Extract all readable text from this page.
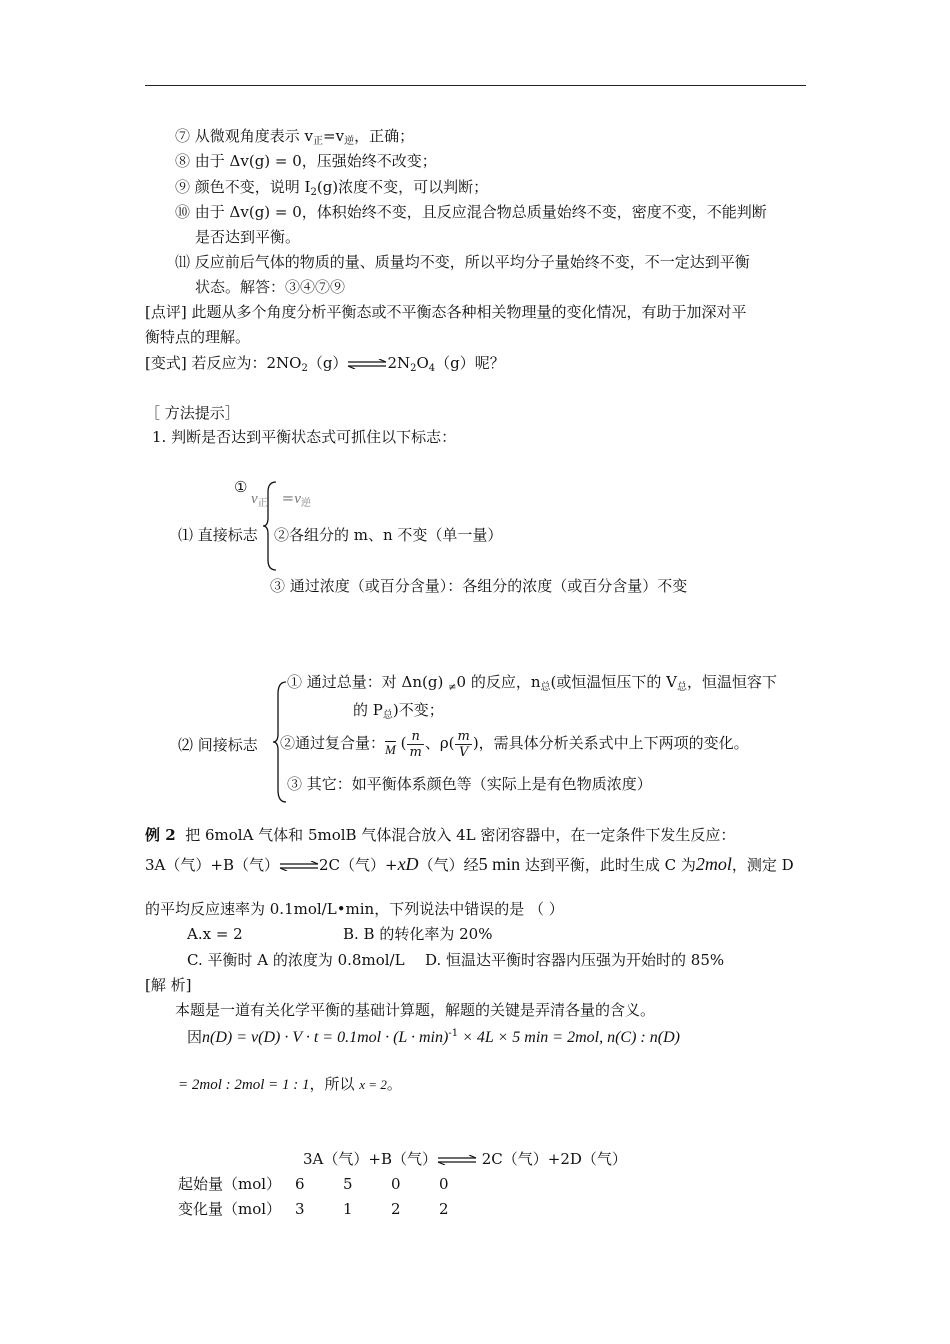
⑦ 从微观角度表示 $v_正=v_逆$，正确；
⑧ 由于 Δv(g) = 0，压强始终不改变；
⑨ 颜色不变，说明 $I_2(g)$浓度不变，可以判断；
⑩ 由于 Δv(g) = 0，体积始终不变，且反应混合物总质量始终不变，密度不变，不能判断
是否达到平衡。
⑾ 反应前后气体的物质的量、质量均不变，所以平均分子量始终不变，不一定达到平衡
状态。解答：③④⑦⑨
[点评] 此题从多个角度分析平衡态或不平衡态各种相关物理量的变化情况，有助于加深对平
衡特点的理解。
[变式] 若反应为：$2NO_2(g)\rightleftharpoons 2N_2O_4(g)$呢？
［ 方法提示］
1. 判断是否达到平衡状态式可抓住以下标志：
①
$v_正 =v_逆$
⑴ 直接标志 ②各组分的 m、n 不变（单一量）
③ 通过浓度（或百分含量）：各组分的浓度（或百分含量）不变
① 通过总量：对 Δn(g) $_\ne$0 的反应，$n_总$(或恒温恒压下的 $V_总$，恒温恒容下
的 $P_总$)不变；
⑵ 间接标志 ②通过复合量：$\overline{M}$ ( $\frac{n}{m}$ 、$\rho( \frac{m}{V}$ )，需具体分析关系式中上下两项的变化。
③ 其它：如平衡体系颜色等（实际上是有色物质浓度）
例 2 把 6molA 气体和 5molB 气体混合放入 4L 密闭容器中，在一定条件下发生反应：
3A（气）+B（气）⇌2C（气）+xD（气）经5 min 达到平衡，此时生成 C 为2mol，测定 D
的平均反应速率为 0.1mol/L•min，下列说法中错误的是 （ ）
A.x = 2	B. B 的转化率为 20%
C. 平衡时 A 的浓度为 0.8mol/L D. 恒温达平衡时容器内压强为开始时的 85%
[解 析]
本题是一道有关化学平衡的基础计算题，解题的关键是弄清各量的含义。
因$n(D) = v(D) \cdot V \cdot t = 0.1mol \cdot (L \cdot \min)^{-1} \times 4L \times 5$ min = 2mol, n(C) : n(D)
= 2mol : 2mol = 1 : 1，所以 x = 2。
3A（气）+B（气）⇌ 2C（气）+2D（气）
起始量（mol） 6	5	0	0
变化量（mol） 3	1	2	2
